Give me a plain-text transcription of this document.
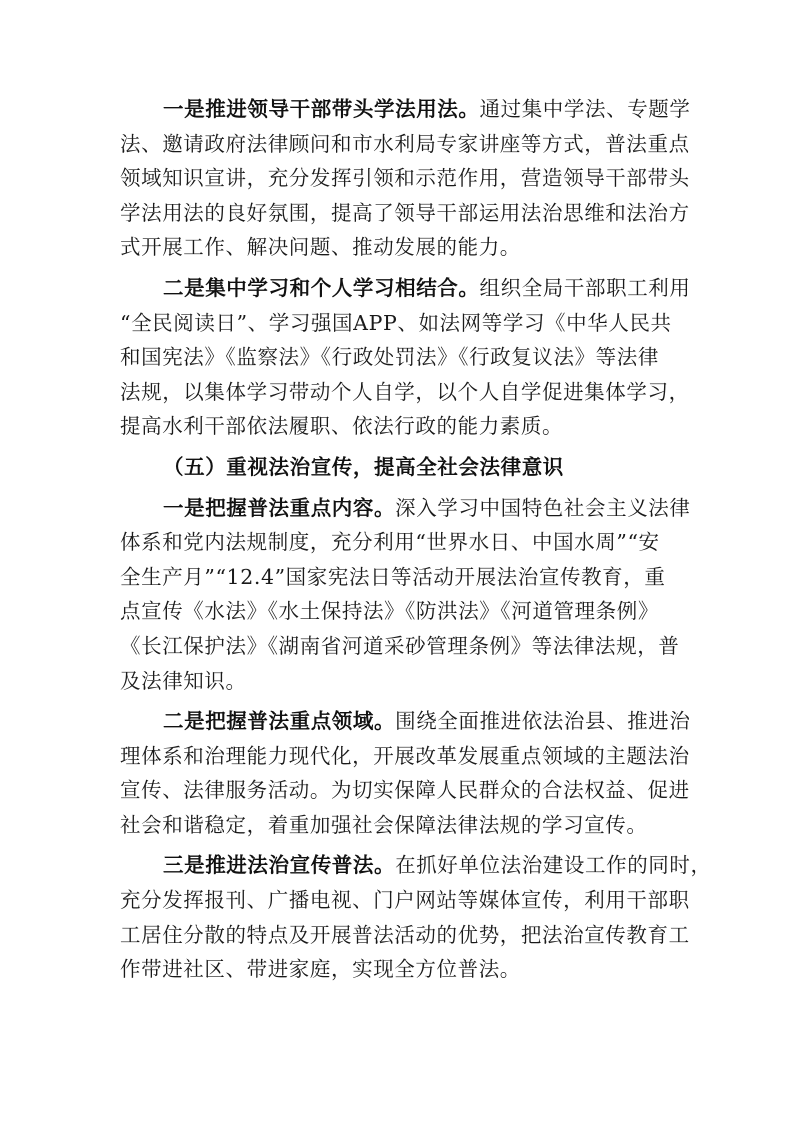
一是推进领导干部带头学法用法。通过集中学法、专题学
法、邀请政府法律顾问和市水利局专家讲座等方式，普法重点
领域知识宣讲，充分发挥引领和示范作用，营造领导干部带头
学法用法的良好氛围，提高了领导干部运用法治思维和法治方
式开展工作、解决问题、推动发展的能力。
二是集中学习和个人学习相结合。组织全局干部职工利用
“全民阅读日”、学习强国APP、如法网等学习《中华人民共
和国宪法》《监察法》《行政处罚法》《行政复议法》等法律
法规，以集体学习带动个人自学，以个人自学促进集体学习，
提高水利干部依法履职、依法行政的能力素质。
（五）重视法治宣传，提高全社会法律意识
一是把握普法重点内容。深入学习中国特色社会主义法律
体系和党内法规制度，充分利用“世界水日、中国水周”“安
全生产月”“12.4”国家宪法日等活动开展法治宣传教育，重
点宣传《水法》《水土保持法》《防洪法》《河道管理条例》
《长江保护法》《湖南省河道采砂管理条例》等法律法规，普
及法律知识。
二是把握普法重点领域。围绕全面推进依法治县、推进治
理体系和治理能力现代化，开展改革发展重点领域的主题法治
宣传、法律服务活动。为切实保障人民群众的合法权益、促进
社会和谐稳定，着重加强社会保障法律法规的学习宣传。
三是推进法治宣传普法。在抓好单位法治建设工作的同时，
充分发挥报刊、广播电视、门户网站等媒体宣传，利用干部职
工居住分散的特点及开展普法活动的优势，把法治宣传教育工
作带进社区、带进家庭，实现全方位普法。
